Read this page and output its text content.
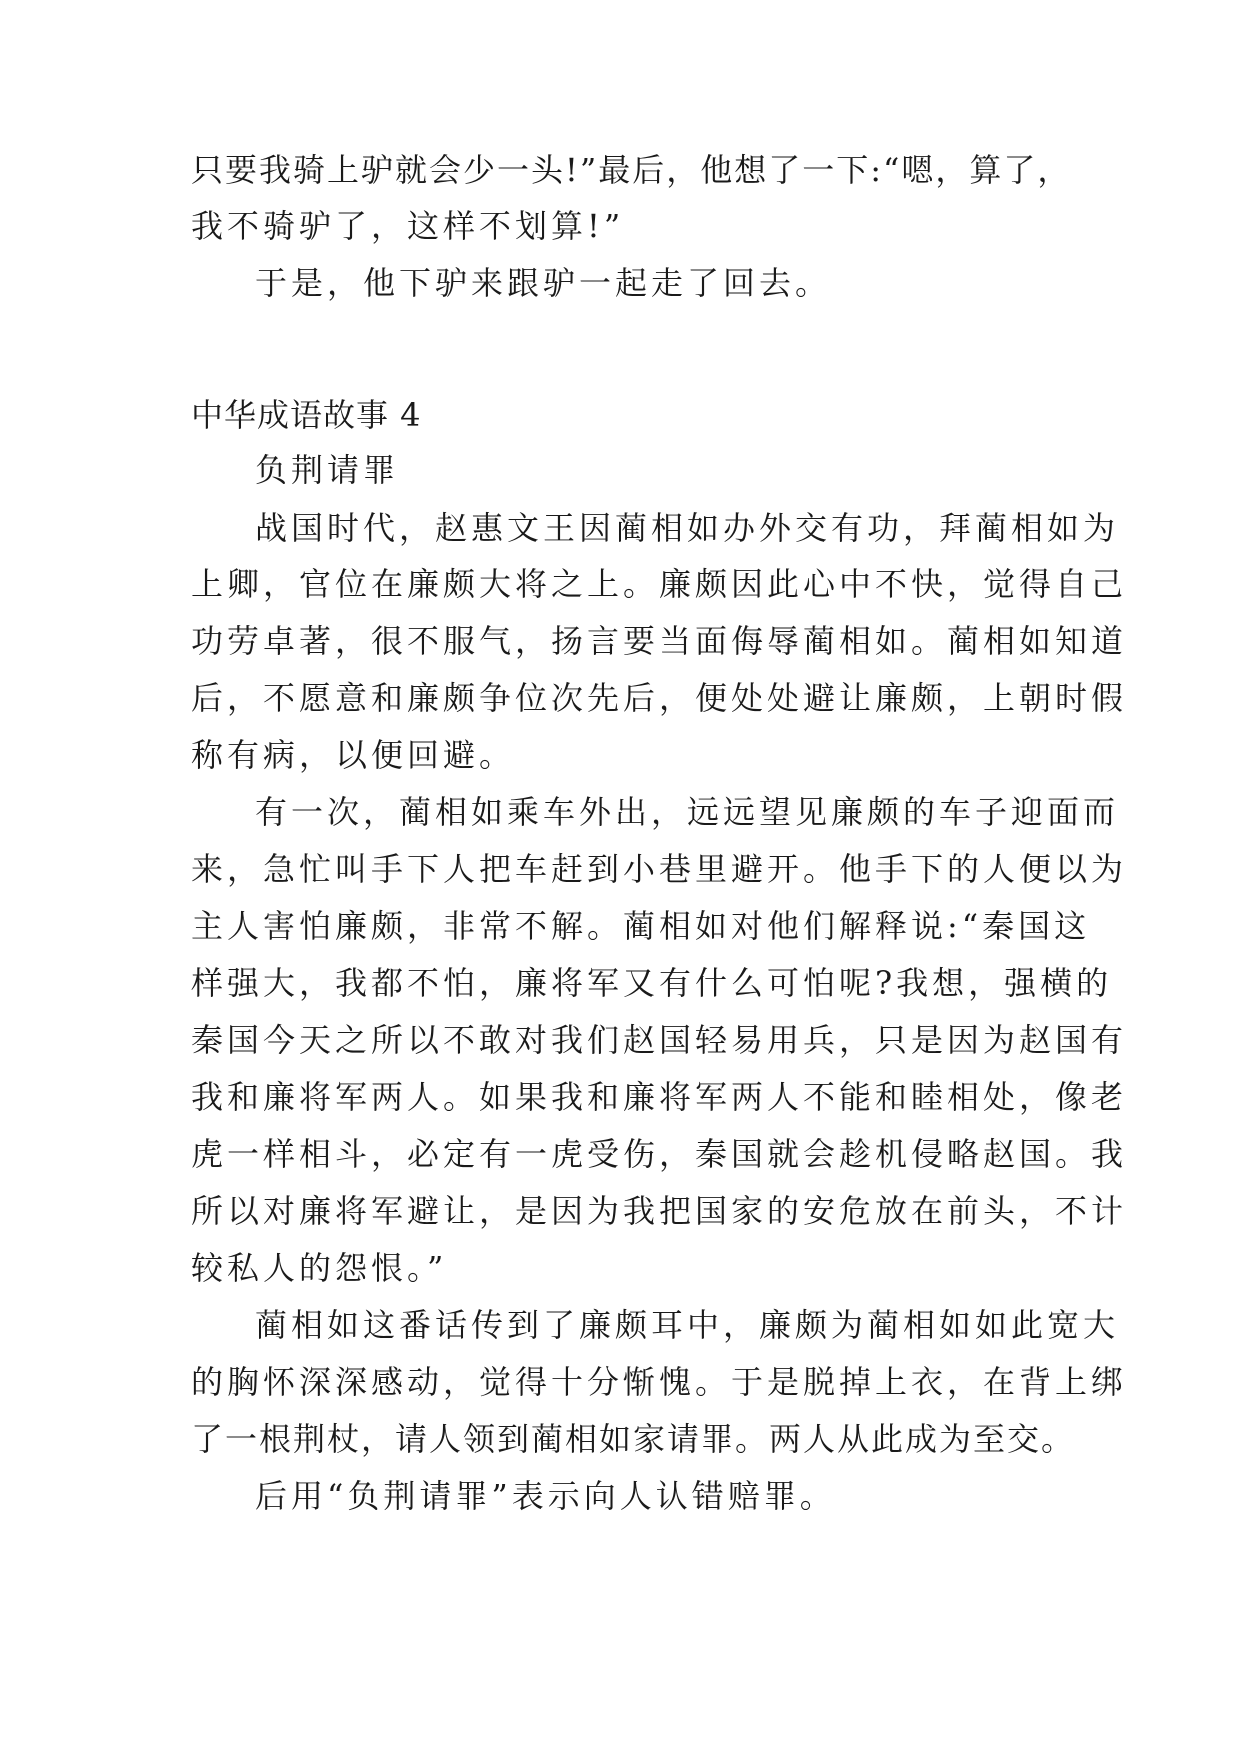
只要我骑上驴就会少一头!”最后，他想了一下:“嗯，算了，
我不骑驴了，这样不划算!”
于是，他下驴来跟驴一起走了回去。
中华成语故事 4
负荆请罪
战国时代，赵惠文王因蔺相如办外交有功，拜蔺相如为
上卿，官位在廉颇大将之上。廉颇因此心中不快，觉得自己
功劳卓著，很不服气，扬言要当面侮辱蔺相如。蔺相如知道
后，不愿意和廉颇争位次先后，便处处避让廉颇，上朝时假
称有病，以便回避。
有一次，蔺相如乘车外出，远远望见廉颇的车子迎面而
来，急忙叫手下人把车赶到小巷里避开。他手下的人便以为
主人害怕廉颇，非常不解。蔺相如对他们解释说:“秦国这
样强大，我都不怕，廉将军又有什么可怕呢?我想，强横的
秦国今天之所以不敢对我们赵国轻易用兵，只是因为赵国有
我和廉将军两人。如果我和廉将军两人不能和睦相处，像老
虎一样相斗，必定有一虎受伤，秦国就会趁机侵略赵国。我
所以对廉将军避让，是因为我把国家的安危放在前头，不计
较私人的怨恨。”
蔺相如这番话传到了廉颇耳中，廉颇为蔺相如如此宽大
的胸怀深深感动，觉得十分惭愧。于是脱掉上衣，在背上绑
了一根荆杖，请人领到蔺相如家请罪。两人从此成为至交。
后用“负荆请罪”表示向人认错赔罪。
